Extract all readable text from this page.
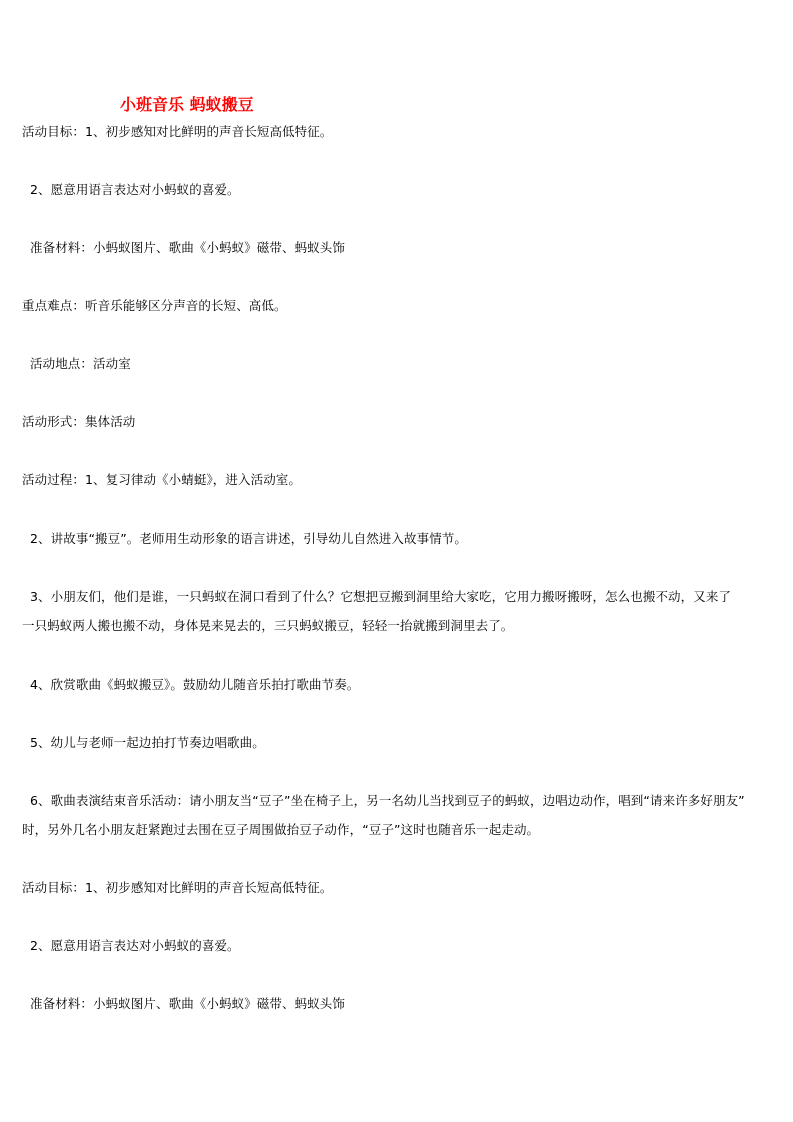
小班音乐 蚂蚁搬豆
活动目标：1、初步感知对比鲜明的声音长短高低特征。
2、愿意用语言表达对小蚂蚁的喜爱。
准备材料：小蚂蚁图片、歌曲《小蚂蚁》磁带、蚂蚁头饰
重点难点：听音乐能够区分声音的长短、高低。
活动地点：活动室
活动形式：集体活动
活动过程：1、复习律动《小蜻蜓》，进入活动室。
2、讲故事“搬豆”。老师用生动形象的语言讲述，引导幼儿自然进入故事情节。
3、小朋友们，他们是谁，一只蚂蚁在洞口看到了什么？它想把豆搬到洞里给大家吃，它用力搬呀搬呀，怎么也搬不动，又来了
一只蚂蚁两人搬也搬不动，身体晃来晃去的，三只蚂蚁搬豆，轻轻一抬就搬到洞里去了。
4、欣赏歌曲《蚂蚁搬豆》。鼓励幼儿随音乐拍打歌曲节奏。
5、幼儿与老师一起边拍打节奏边唱歌曲。
6、歌曲表演结束音乐活动：请小朋友当“豆子”坐在椅子上，另一名幼儿当找到豆子的蚂蚁，边唱边动作，唱到“请来许多好朋友”
时，另外几名小朋友赶紧跑过去围在豆子周围做抬豆子动作，“豆子”这时也随音乐一起走动。
活动目标：1、初步感知对比鲜明的声音长短高低特征。
2、愿意用语言表达对小蚂蚁的喜爱。
准备材料：小蚂蚁图片、歌曲《小蚂蚁》磁带、蚂蚁头饰
